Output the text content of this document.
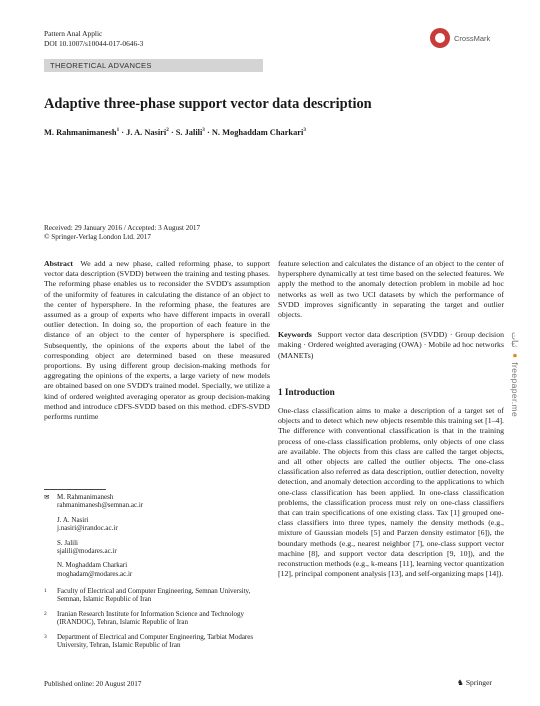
Pattern Anal Applic
DOI 10.1007/s10044-017-0646-3
CrossMark
THEORETICAL ADVANCES
Adaptive three-phase support vector data description
M. Rahmanimanesh$^1$ · J. A. Nasiri$^2$ · S. Jalili$^3$ · N. Moghaddam Charkari$^3$
Received: 29 January 2016 / Accepted: 3 August 2017
© Springer-Verlag London Ltd. 2017

Abstract We add a new phase, called reforming phase, to support vector data description (SVDD) between the training and testing phases. The reforming phase enables us to reconsider the SVDD's assumption of the uniformity of features in calculating the distance of an object to the center of hypersphere. In the reforming phase, the features are assumed as a group of experts who have different impacts in overall outlier detection. In doing so, the proportion of each feature in the distance of an object to the center of hypersphere is specified. Subsequently, the opinions of the experts about the label of the corresponding object are determined based on these measured proportions. By using different group decision-making methods for aggregating the opinions of the experts, a large variety of new models are obtained based on one SVDD's trained model. Specially, we utilize a kind of ordered weighted averaging operator as group decision-making method and introduce cDFS-SVDD based on this method. cDFS-SVDD performs runtime

feature selection and calculates the distance of an object to the center of hypersphere dynamically at test time based on the selected features. We apply the method to the anomaly detection problem in mobile ad hoc networks as well as two UCI datasets by which the performance of SVDD improves significantly in separating the target and outlier objects.

Keywords Support vector data description (SVDD) · Group decision making · Ordered weighted averaging (OWA) · Mobile ad hoc networks (MANETs)

1 Introduction

One-class classification aims to make a description of a target set of objects and to detect which new objects resemble this training set [1–4]. The difference with conventional classification is that in the training process of one-class classification problems, only objects of one class are available. The objects from this class are called the target objects, and all other objects are called the outlier objects. The one-class classification also referred as data description, outlier detection, novelty detection, and anomaly detection according to the applications to which one-class classification has been applied. In one-class classification problems, the classification process must rely on one-class classifiers that can train specifications of one existing class. Tax [1] grouped one-class classifiers into three types, namely the density methods (e.g., mixture of Gaussian models [5] and Parzen density estimator [6]), the boundary methods (e.g., nearest neighbor [7], one-class support vector machine [8], and support vector data description [9, 10]), and the reconstruction methods (e.g., k-means [11], learning vector quantization [12], principal component analysis [13], and self-organizing maps [14]).

✉	M. Rahmanimanesh
rahmanimanesh@semnan.ac.ir
J. A. Nasiri
j.nasiri@irandoc.ac.ir
S. Jalili
sjalili@modares.ac.ir
N. Moghaddam Charkari
moghadam@modares.ac.ir
1	Faculty of Electrical and Computer Engineering, Semnan University, Semnan, Islamic Republic of Iran
2	Iranian Research Institute for Information Science and Technology (IRANDOC), Tehran, Islamic Republic of Iran
3	Department of Electrical and Computer Engineering, Tarbiat Modares University, Tehran, Islamic Republic of Iran
Published online: 20 August 2017	♞ Springer
ثبات ● freepaper.me
